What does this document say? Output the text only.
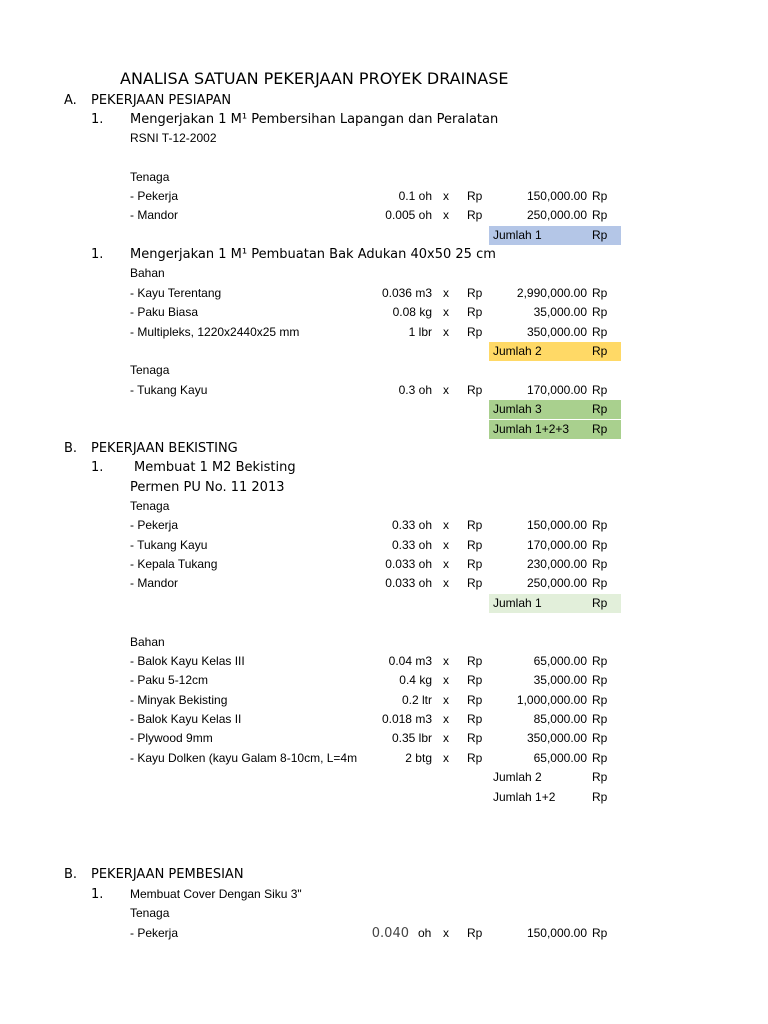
ANALISA SATUAN PEKERJAAN PROYEK DRAINASE
A. PEKERJAAN PESIAPAN
1. Mengerjakan 1 M¹ Pembersihan Lapangan dan Peralatan
RSNI T-12-2002
Tenaga
- Pekerja	0.1 oh x Rp	150,000.00 Rp
- Mandor	0.005 oh x Rp	250,000.00 Rp
Jumlah 1	Rp
1. Mengerjakan 1 M¹ Pembuatan Bak Adukan 40x50 25 cm
Bahan
- Kayu Terentang	0.036 m3 x Rp	2,990,000.00 Rp
- Paku Biasa	0.08 kg x Rp	35,000.00 Rp
- Multipleks, 1220x2440x25 mm	1 lbr x Rp	350,000.00 Rp
Jumlah 2	Rp
Tenaga
- Tukang Kayu	0.3 oh x Rp	170,000.00 Rp
Jumlah 3	Rp
Jumlah 1+2+3 Rp
B. PEKERJAAN BEKISTING
1. Membuat 1 M2 Bekisting
Permen PU No. 11 2013
Tenaga
- Pekerja	0.33 oh x Rp	150,000.00 Rp
- Tukang Kayu	0.33 oh x Rp	170,000.00 Rp
- Kepala Tukang	0.033 oh x Rp	230,000.00 Rp
- Mandor	0.033 oh x Rp	250,000.00 Rp
Jumlah 1	Rp
Bahan
- Balok Kayu Kelas III	0.04 m3 x Rp	65,000.00 Rp
- Paku 5-12cm	0.4 kg x Rp	35,000.00 Rp
- Minyak Bekisting	0.2 ltr x Rp	1,000,000.00 Rp
- Balok Kayu Kelas II	0.018 m3 x Rp	85,000.00 Rp
- Plywood 9mm	0.35 lbr x Rp	350,000.00 Rp
- Kayu Dolken (kayu Galam 8-10cm, L=4m	2 btg x Rp	65,000.00 Rp
Jumlah 2	Rp
Jumlah 1+2	Rp
B. PEKERJAAN PEMBESIAN
1. Membuat Cover Dengan Siku 3"
Tenaga
- Pekerja	0.040 oh x Rp	150,000.00 Rp
